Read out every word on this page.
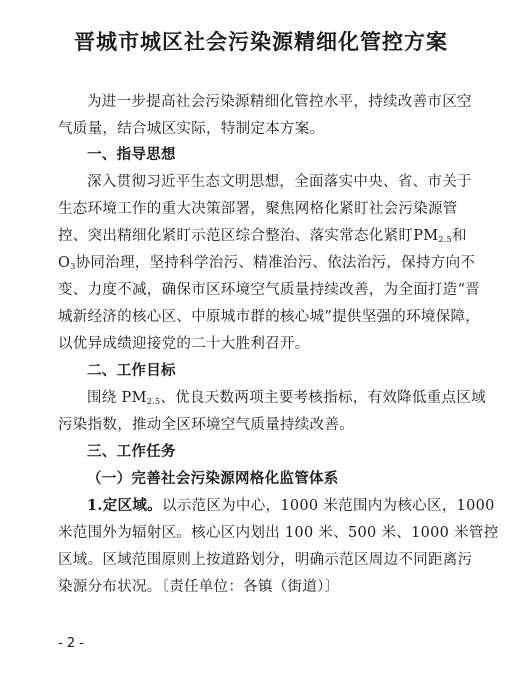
晋城市城区社会污染源精细化管控方案
为进一步提高社会污染源精细化管控水平，持续改善市区空
气质量，结合城区实际，特制定本方案。
一、指导思想
深入贯彻习近平生态文明思想，全面落实中央、省、市关于
生态环境工作的重大决策部署，聚焦网格化紧盯社会污染源管
控、突出精细化紧盯示范区综合整治、落实常态化紧盯$PM_{2.5}$和
$O_3$协同治理，坚持科学治污、精准治污、依法治污，保持方向不
变、力度不减，确保市区环境空气质量持续改善，为全面打造“晋
城新经济的核心区、中原城市群的核心城”提供坚强的环境保障，
以优异成绩迎接党的二十大胜利召开。
二、工作目标
围绕 $PM_{2.5}$、优良天数两项主要考核指标，有效降低重点区域
污染指数，推动全区环境空气质量持续改善。
三、工作任务
（一）完善社会污染源网格化监管体系
1.定区域。以示范区为中心，1000 米范围内为核心区，1000
米范围外为辐射区。核心区内划出 100 米、500 米、1000 米管控
区域。区域范围原则上按道路划分，明确示范区周边不同距离污
染源分布状况。〔责任单位：各镇（街道）〕
- 2 -
